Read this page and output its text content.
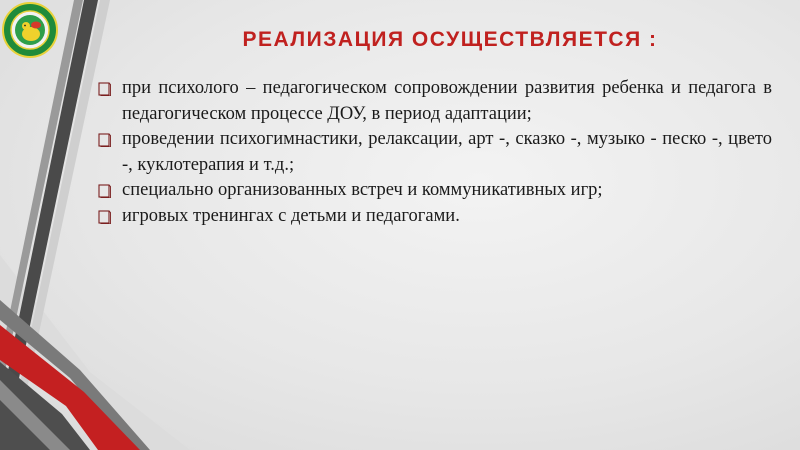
РЕАЛИЗАЦИЯ ОСУЩЕСТВЛЯЕТСЯ :
при психолого – педагогическом сопровождении развития ребенка и педагога в педагогическом процессе ДОУ, в период адаптации;
проведении психогимнастики, релаксации, арт -, сказко -, музыко - песко -, цвето -, куклотерапия и т.д.;
специально организованных встреч и коммуникативных игр;
игровых тренингах с детьми и педагогами.
